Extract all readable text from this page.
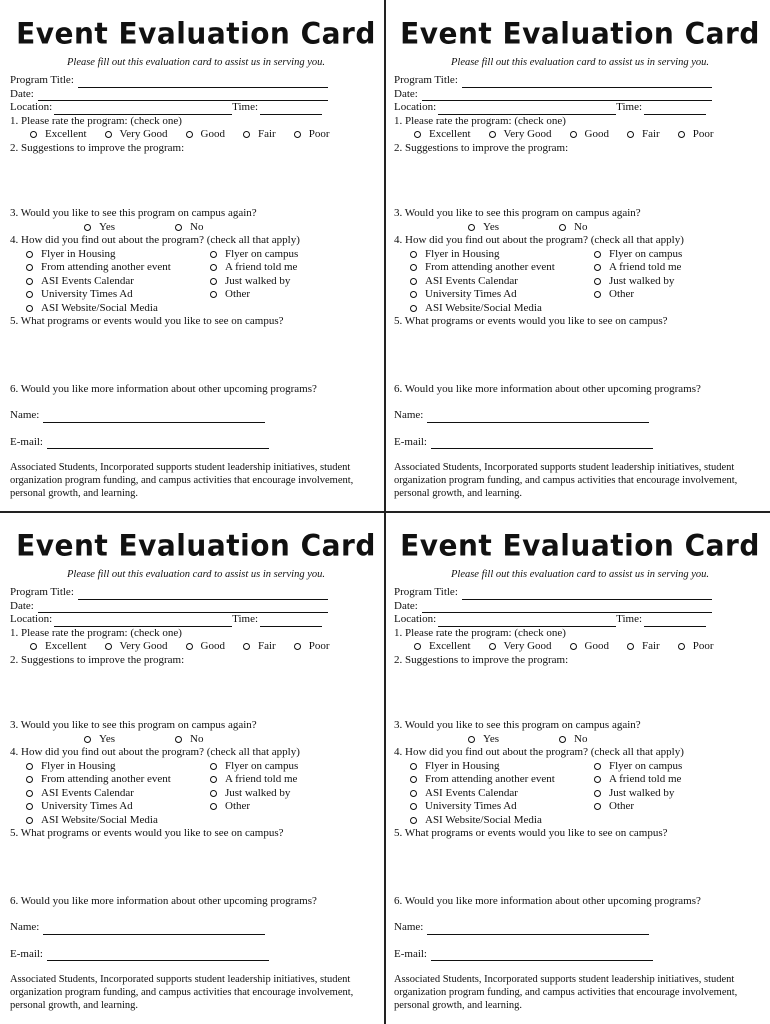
Event Evaluation Card
Please fill out this evaluation card to assist us in serving you.
Program Title:
Date:
Location:	Time:
1. Please rate the program: (check one)
Excellent	Very Good	Good	Fair	Poor
2. Suggestions to improve the program:
3. Would you like to see this program on campus again?
Yes	No
4. How did you find out about the program? (check all that apply)
Flyer in Housing	Flyer on campus
From attending another event	A friend told me
ASI Events Calendar	Just walked by
University Times Ad	Other
ASI Website/Social Media
5. What programs or events would you like to see on campus?
6. Would you like more information about other upcoming programs?
Name:
E-mail:
Associated Students, Incorporated supports student leadership initiatives, student organization program funding, and campus activities that encourage involvement, personal growth, and learning.
Event Evaluation Card
Please fill out this evaluation card to assist us in serving you.
Program Title:
Date:
Location:	Time:
1. Please rate the program: (check one)
Excellent	Very Good	Good	Fair	Poor
2. Suggestions to improve the program:
3. Would you like to see this program on campus again?
Yes	No
4. How did you find out about the program? (check all that apply)
Flyer in Housing	Flyer on campus
From attending another event	A friend told me
ASI Events Calendar	Just walked by
University Times Ad	Other
ASI Website/Social Media
5. What programs or events would you like to see on campus?
6. Would you like more information about other upcoming programs?
Name:
E-mail:
Associated Students, Incorporated supports student leadership initiatives, student organization program funding, and campus activities that encourage involvement, personal growth, and learning.
Event Evaluation Card
Please fill out this evaluation card to assist us in serving you.
Program Title:
Date:
Location:	Time:
1. Please rate the program: (check one)
Excellent	Very Good	Good	Fair	Poor
2. Suggestions to improve the program:
3. Would you like to see this program on campus again?
Yes	No
4. How did you find out about the program? (check all that apply)
Flyer in Housing	Flyer on campus
From attending another event	A friend told me
ASI Events Calendar	Just walked by
University Times Ad	Other
ASI Website/Social Media
5. What programs or events would you like to see on campus?
6. Would you like more information about other upcoming programs?
Name:
E-mail:
Associated Students, Incorporated supports student leadership initiatives, student organization program funding, and campus activities that encourage involvement, personal growth, and learning.
Event Evaluation Card
Please fill out this evaluation card to assist us in serving you.
Program Title:
Date:
Location:	Time:
1. Please rate the program: (check one)
Excellent	Very Good	Good	Fair	Poor
2. Suggestions to improve the program:
3. Would you like to see this program on campus again?
Yes	No
4. How did you find out about the program? (check all that apply)
Flyer in Housing	Flyer on campus
From attending another event	A friend told me
ASI Events Calendar	Just walked by
University Times Ad	Other
ASI Website/Social Media
5. What programs or events would you like to see on campus?
6. Would you like more information about other upcoming programs?
Name:
E-mail:
Associated Students, Incorporated supports student leadership initiatives, student organization program funding, and campus activities that encourage involvement, personal growth, and learning.
